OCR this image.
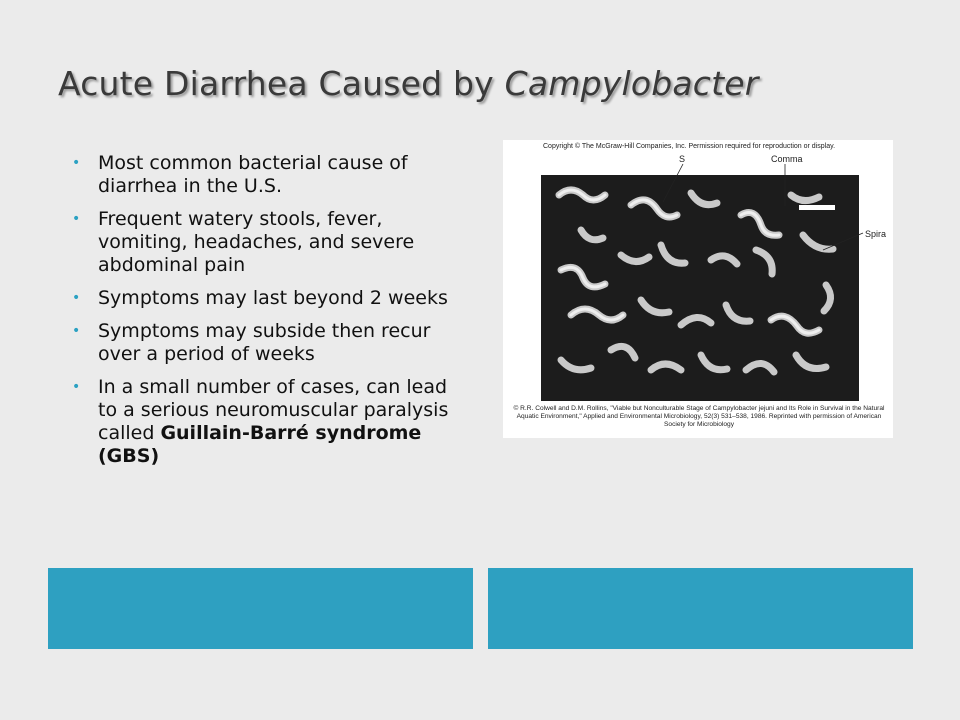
Acute Diarrhea Caused by Campylobacter
• Most common bacterial cause of diarrhea in the U.S.
• Frequent watery stools, fever, vomiting, headaches, and severe abdominal pain
• Symptoms may last beyond 2 weeks
• Symptoms may subside then recur over a period of weeks
• In a small number of cases, can lead to a serious neuromuscular paralysis called Guillain-Barré syndrome (GBS)
Copyright © The McGraw-Hill Companies, Inc. Permission required for reproduction or display.
S	Comma
Spira
© R.R. Colwell and D.M. Rollins, "Viable but Nonculturable Stage of Campylobacter jejuni and Its Role in Survival in the Natural Aquatic Environment," Applied and Environmental Microbiology, 52(3) 531–538, 1986. Reprinted with permission of American Society for Microbiology
